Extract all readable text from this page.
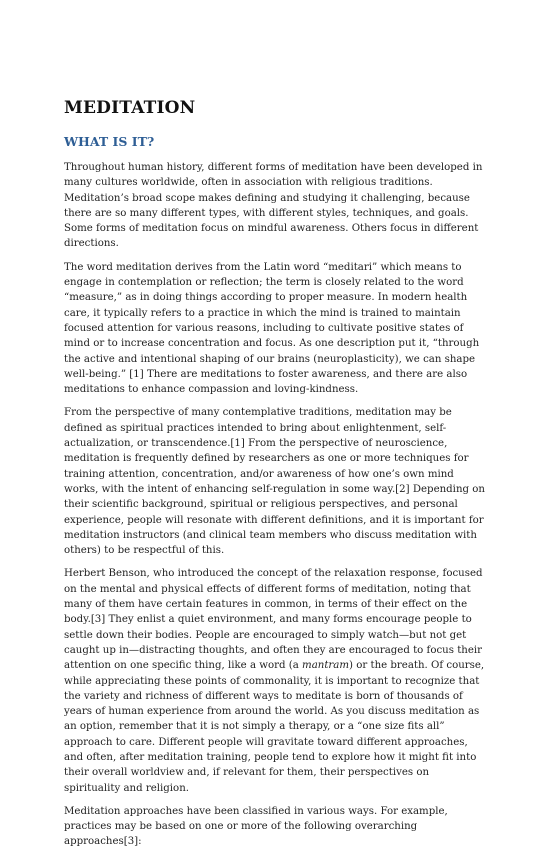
MEDITATION
WHAT IS IT?

Throughout human history, different forms of meditation have been developed in many cultures worldwide, often in association with religious traditions. Meditation’s broad scope makes defining and studying it challenging, because there are so many different types, with different styles, techniques, and goals. Some forms of meditation focus on mindful awareness. Others focus in different directions.

The word meditation derives from the Latin word “meditari” which means to engage in contemplation or reflection; the term is closely related to the word “measure,” as in doing things according to proper measure. In modern health care, it typically refers to a practice in which the mind is trained to maintain focused attention for various reasons, including to cultivate positive states of mind or to increase concentration and focus. As one description put it, “through the active and intentional shaping of our brains (neuroplasticity), we can shape well-being.” [1] There are meditations to foster awareness, and there are also meditations to enhance compassion and loving-kindness.

From the perspective of many contemplative traditions, meditation may be defined as spiritual practices intended to bring about enlightenment, self-actualization, or transcendence.[1] From the perspective of neuroscience, meditation is frequently defined by researchers as one or more techniques for training attention, concentration, and/or awareness of how one’s own mind works, with the intent of enhancing self-regulation in some way.[2] Depending on their scientific background, spiritual or religious perspectives, and personal experience, people will resonate with different definitions, and it is important for meditation instructors (and clinical team members who discuss meditation with others) to be respectful of this.

Herbert Benson, who introduced the concept of the relaxation response, focused on the mental and physical effects of different forms of meditation, noting that many of them have certain features in common, in terms of their effect on the body.[3] They enlist a quiet environment, and many forms encourage people to settle down their bodies. People are encouraged to simply watch—but not get caught up in—distracting thoughts, and often they are encouraged to focus their attention on one specific thing, like a word (a mantram) or the breath. Of course, while appreciating these points of commonality, it is important to recognize that the variety and richness of different ways to meditate is born of thousands of years of human experience from around the world. As you discuss meditation as an option, remember that it is not simply a therapy, or a “one size fits all” approach to care. Different people will gravitate toward different approaches, and often, after meditation training, people tend to explore how it might fit into their overall worldview and, if relevant for them, their perspectives on spirituality and religion.

Meditation approaches have been classified in various ways. For example, practices may be based on one or more of the following overarching approaches[3]:
